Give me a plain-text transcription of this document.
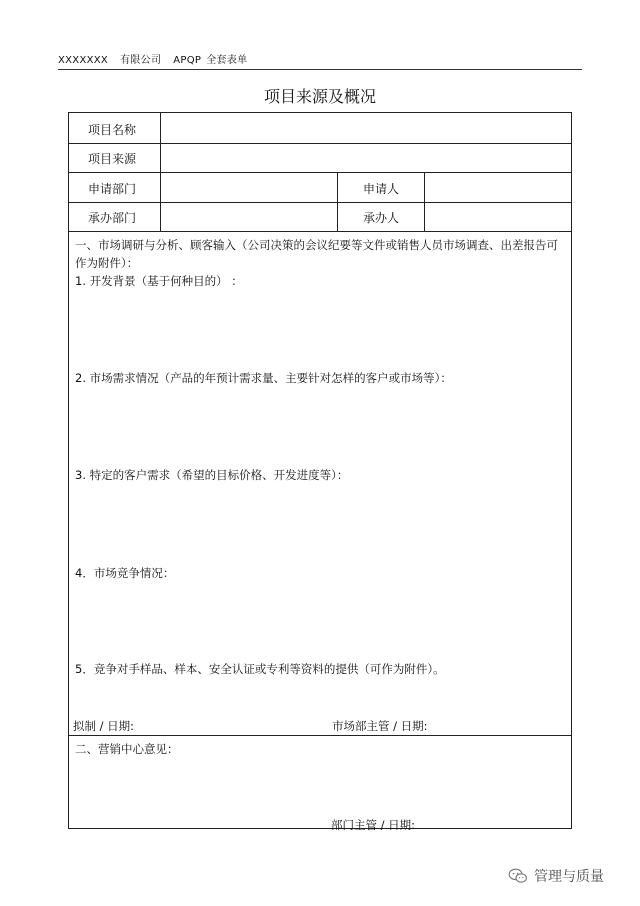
XXXXXXX 有限公司 APQP 全套表单
项目来源及概况
项目名称
项目来源
申请部门	申请人
承办部门	承办人
一、市场调研与分析、顾客输入（公司决策的会议纪要等文件或销售人员市场调查、出差报告可作为附件）：
1. 开发背景（基于何种目的） ：
2. 市场需求情况（产品的年预计需求量、主要针对怎样的客户或市场等）：
3. 特定的客户需求（希望的目标价格、开发进度等）：
4．市场竞争情况：
5．竞争对手样品、样本、安全认证或专利等资料的提供（可作为附件）。
拟制 / 日期:	市场部主管 / 日期:
二、营销中心意见：
部门主管 / 日期:
管理与质量
